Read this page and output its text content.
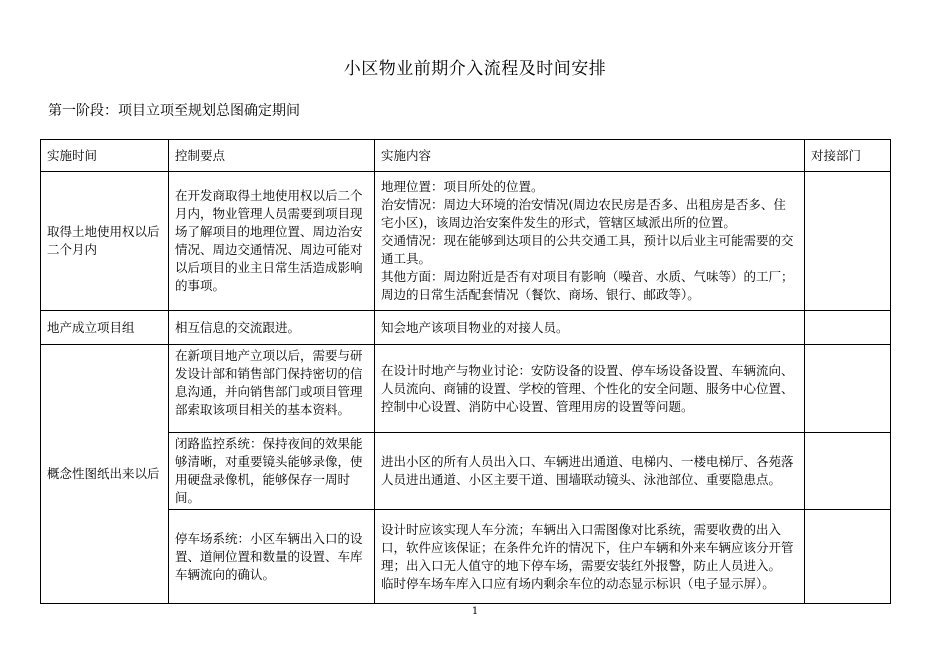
小区物业前期介入流程及时间安排
第一阶段：项目立项至规划总图确定期间
实施时间	控制要点	实施内容	对接部门
取得土地使用权以后二个月内	在开发商取得土地使用权以后二个月内，物业管理人员需要到项目现场了解项目的地理位置、周边治安情况、周边交通情况、周边可能对以后项目的业主日常生活造成影响的事项。	地理位置：项目所处的位置。

治安情况：周边大环境的治安情况(周边农民房是否多、出租房是否多、住宅小区)，该周边治安案件发生的形式，管辖区域派出所的位置。

交通情况：现在能够到达项目的公共交通工具，预计以后业主可能需要的交通工具。

其他方面：周边附近是否有对项目有影响（噪音、水质、气味等）的工厂；周边的日常生活配套情况（餐饮、商场、银行、邮政等）。	

地产成立项目组	相互信息的交流跟进。	知会地产该项目物业的对接人员。	
概念性图纸出来以后	在新项目地产立项以后，需要与研发设计部和销售部门保持密切的信息沟通，并向销售部门或项目管理部索取该项目相关的基本资料。	在设计时地产与物业讨论：安防设备的设置、停车场设备设置、车辆流向、人员流向、商铺的设置、学校的管理、个性化的安全问题、服务中心位置、控制中心设置、消防中心设置、管理用房的设置等问题。	
	闭路监控系统：保持夜间的效果能够清晰，对重要镜头能够录像，使用硬盘录像机，能够保存一周时间。	进出小区的所有人员出入口、车辆进出通道、电梯内、一楼电梯厅、各苑落人员进出通道、小区主要干道、围墙联动镜头、泳池部位、重要隐患点。	
	停车场系统：小区车辆出入口的设置、道闸位置和数量的设置、车库车辆流向的确认。	设计时应该实现人车分流；车辆出入口需图像对比系统，需要收费的出入口，软件应该保证；在条件允许的情况下，住户车辆和外来车辆应该分开管理；出入口无人值守的地下停车场，需要安装红外报警，防止人员进入。

临时停车场车库入口应有场内剩余车位的动态显示标识（电子显示屏）。	

1
